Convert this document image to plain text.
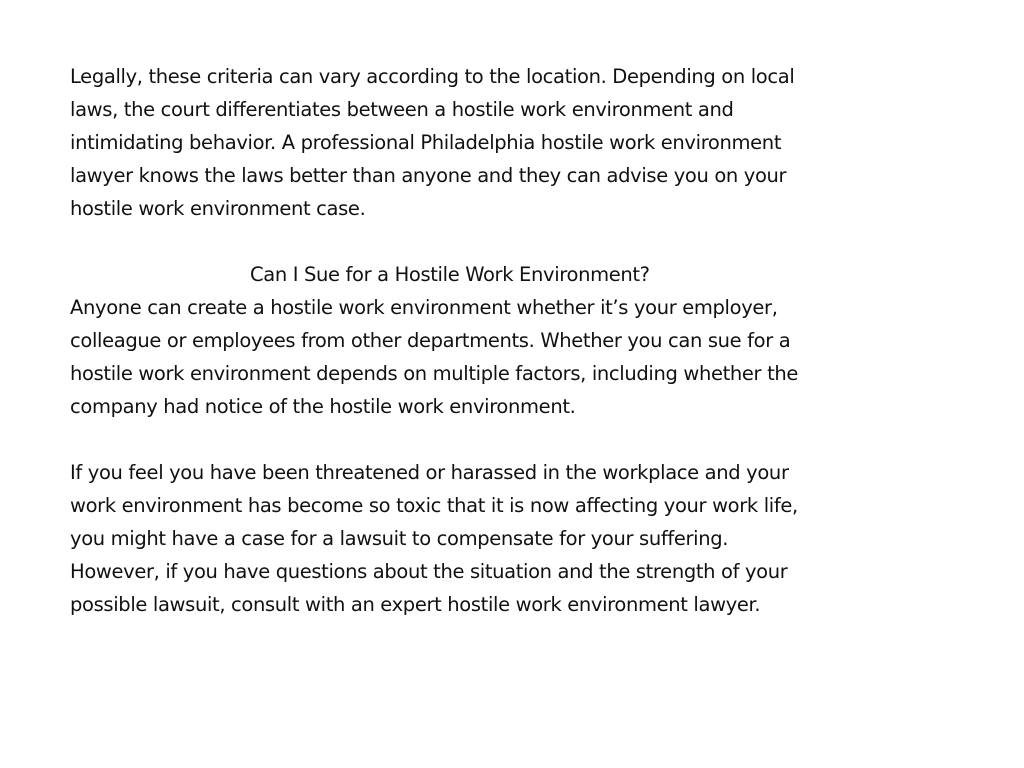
Legally, these criteria can vary according to the location. Depending on local
laws, the court differentiates between a hostile work environment and
intimidating behavior. A professional Philadelphia hostile work environment
lawyer knows the laws better than anyone and they can advise you on your
hostile work environment case.

Can I Sue for a Hostile Work Environment?

Anyone can create a hostile work environment whether it’s your employer,
colleague or employees from other departments. Whether you can sue for a
hostile work environment depends on multiple factors, including whether the
company had notice of the hostile work environment.

If you feel you have been threatened or harassed in the workplace and your
work environment has become so toxic that it is now affecting your work life,
you might have a case for a lawsuit to compensate for your suffering.
However, if you have questions about the situation and the strength of your
possible lawsuit, consult with an expert hostile work environment lawyer.
